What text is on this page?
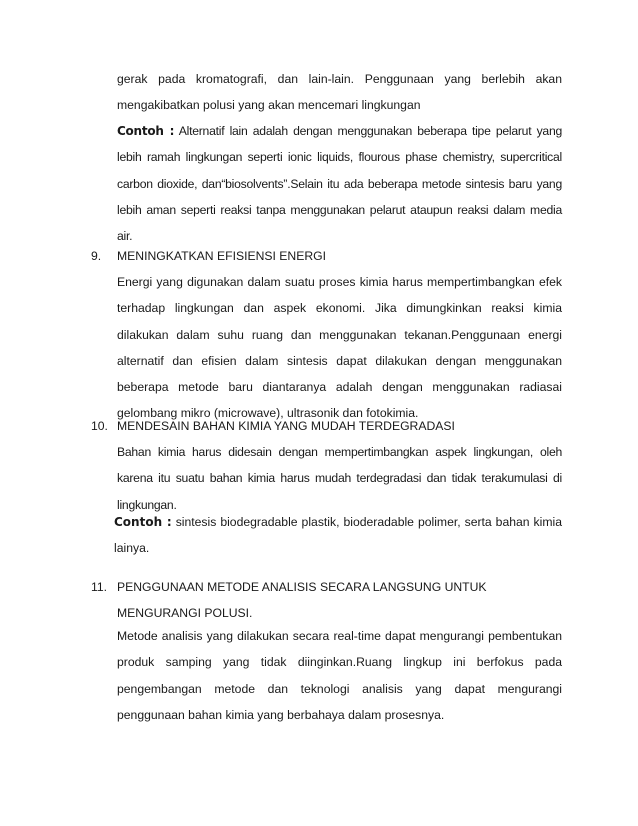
gerak pada kromatografi, dan lain-lain. Penggunaan yang berlebih akan mengakibatkan polusi yang akan mencemari lingkungan

Contoh : Alternatif lain adalah dengan menggunakan beberapa tipe pelarut yang lebih ramah lingkungan seperti ionic liquids, flourous phase chemistry, supercritical carbon dioxide, dan“biosolvents”.Selain itu ada beberapa metode sintesis baru yang lebih aman seperti reaksi tanpa menggunakan pelarut ataupun reaksi dalam media air.

9. MENINGKATKAN EFISIENSI ENERGI

Energi yang digunakan dalam suatu proses kimia harus mempertimbangkan efek terhadap lingkungan dan aspek ekonomi. Jika dimungkinkan reaksi kimia dilakukan dalam suhu ruang dan menggunakan tekanan.Penggunaan energi alternatif dan efisien dalam sintesis dapat dilakukan dengan menggunakan beberapa metode baru diantaranya adalah dengan menggunakan radiasai gelombang mikro (microwave), ultrasonik dan fotokimia.

10. MENDESAIN BAHAN KIMIA YANG MUDAH TERDEGRADASI

Bahan kimia harus didesain dengan mempertimbangkan aspek lingkungan, oleh karena itu suatu bahan kimia harus mudah terdegradasi dan tidak terakumulasi di lingkungan.

Contoh : sintesis biodegradable plastik, bioderadable polimer, serta bahan kimia lainya.

11. PENGGUNAAN METODE ANALISIS SECARA LANGSUNG UNTUK
MENGURANGI POLUSI.

Metode analisis yang dilakukan secara real-time dapat mengurangi pembentukan produk samping yang tidak diinginkan.Ruang lingkup ini berfokus pada pengembangan metode dan teknologi analisis yang dapat mengurangi penggunaan bahan kimia yang berbahaya dalam prosesnya.
